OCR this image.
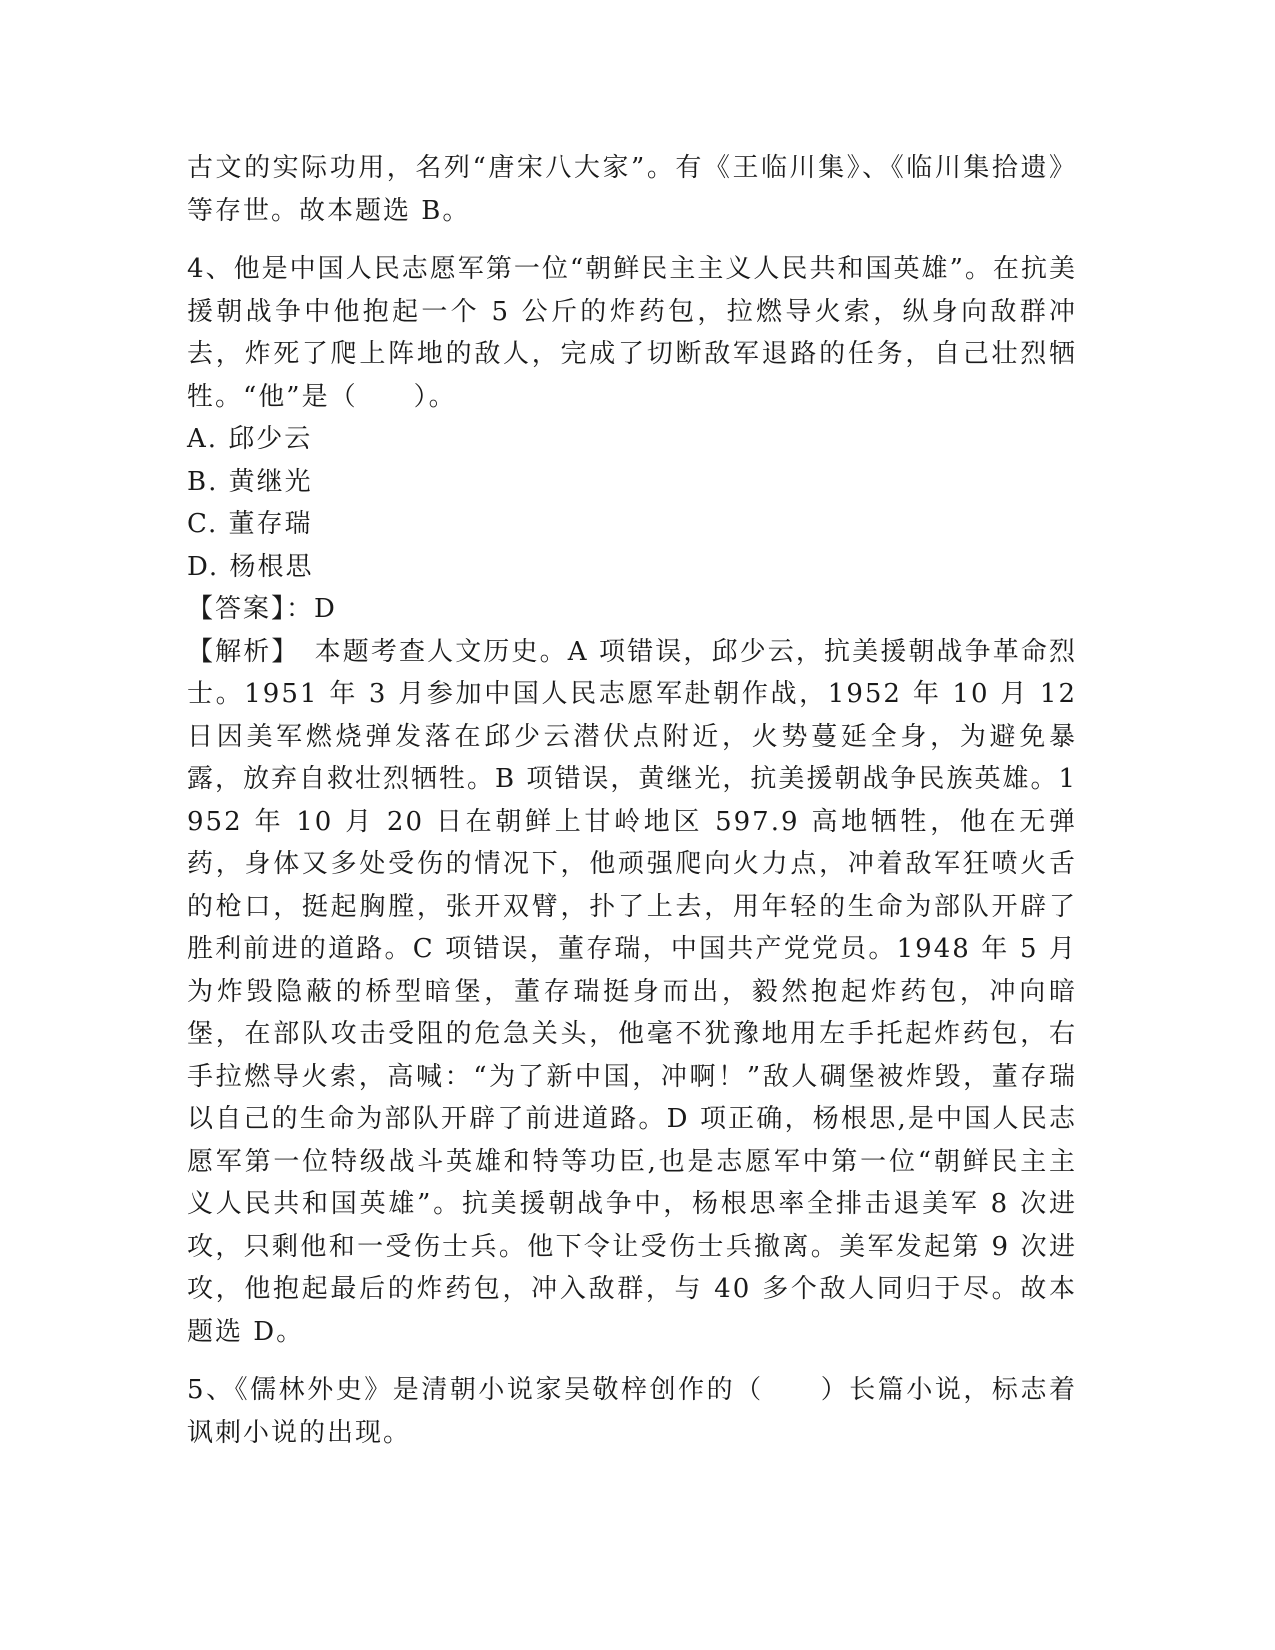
古文的实际功用，名列“唐宋八大家”。有《王临川集》、《临川集拾遗》等存世。故本题选 B。

4、他是中国人民志愿军第一位“朝鲜民主主义人民共和国英雄”。在抗美援朝战争中他抱起一个 5 公斤的炸药包，拉燃导火索，纵身向敌群冲去，炸死了爬上阵地的敌人，完成了切断敌军退路的任务，自己壮烈牺牲。“他”是（　　）。

A. 邱少云

B. 黄继光

C. 董存瑞

D. 杨根思

【答案】：D

【解析】　本题考查人文历史。A 项错误，邱少云，抗美援朝战争革命烈士。1951 年 3 月参加中国人民志愿军赴朝作战，1952 年 10 月 12 日因美军燃烧弹发落在邱少云潜伏点附近，火势蔓延全身，为避免暴露，放弃自救壮烈牺牲。B 项错误，黄继光，抗美援朝战争民族英雄。1952 年 10 月 20 日在朝鲜上甘岭地区 597.9 高地牺牲，他在无弹药，身体又多处受伤的情况下，他顽强爬向火力点，冲着敌军狂喷火舌的枪口，挺起胸膛，张开双臂，扑了上去，用年轻的生命为部队开辟了胜利前进的道路。C 项错误，董存瑞，中国共产党党员。1948 年 5 月为炸毁隐蔽的桥型暗堡，董存瑞挺身而出，毅然抱起炸药包，冲向暗堡，在部队攻击受阻的危急关头，他毫不犹豫地用左手托起炸药包，右手拉燃导火索，高喊：“为了新中国，冲啊！”敌人碉堡被炸毁，董存瑞以自己的生命为部队开辟了前进道路。D 项正确，杨根思,是中国人民志愿军第一位特级战斗英雄和特等功臣,也是志愿军中第一位“朝鲜民主主义人民共和国英雄”。抗美援朝战争中，杨根思率全排击退美军 8 次进攻，只剩他和一受伤士兵。他下令让受伤士兵撤离。美军发起第 9 次进攻，他抱起最后的炸药包，冲入敌群，与 40 多个敌人同归于尽。故本题选 D。

5、《儒林外史》是清朝小说家吴敬梓创作的（　　）长篇小说，标志着讽刺小说的出现。
